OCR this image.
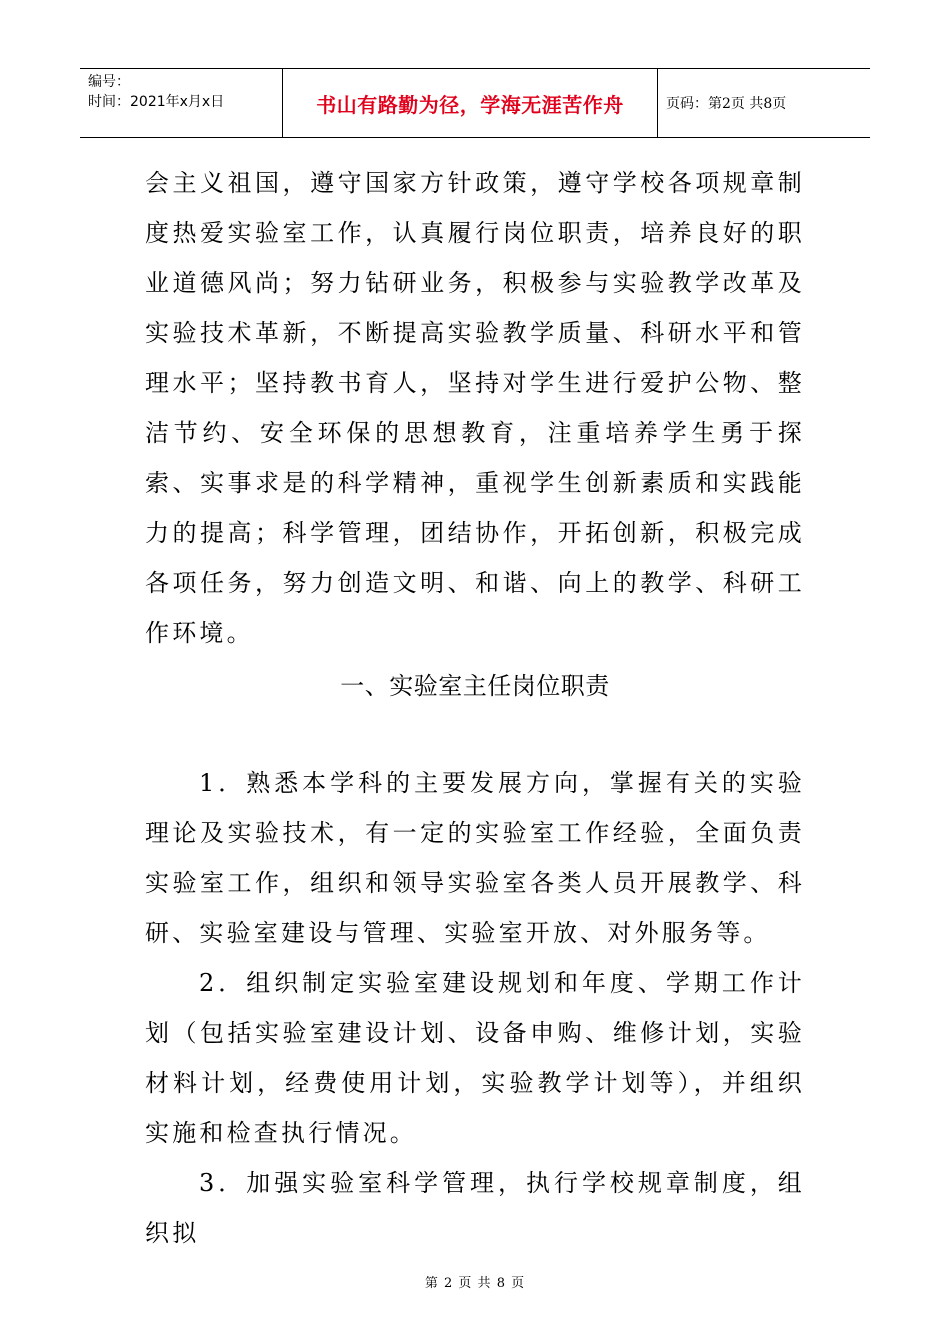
编号：
时间：2021年x月x日	书山有路勤为径，学海无涯苦作舟	页码：第2页 共8页

会主义祖国，遵守国家方针政策，遵守学校各项规章制度热爱实验室工作，认真履行岗位职责，培养良好的职业道德风尚；努力钻研业务，积极参与实验教学改革及实验技术革新，不断提高实验教学质量、科研水平和管理水平；坚持教书育人，坚持对学生进行爱护公物、整洁节约、安全环保的思想教育，注重培养学生勇于探索、实事求是的科学精神，重视学生创新素质和实践能力的提高；科学管理，团结协作，开拓创新，积极完成各项任务，努力创造文明、和谐、向上的教学、科研工作环境。

一、实验室主任岗位职责

1．熟悉本学科的主要发展方向，掌握有关的实验理论及实验技术，有一定的实验室工作经验，全面负责实验室工作，组织和领导实验室各类人员开展教学、科研、实验室建设与管理、实验室开放、对外服务等。

2．组织制定实验室建设规划和年度、学期工作计划（包括实验室建设计划、设备申购、维修计划，实验材料计划，经费使用计划，实验教学计划等），并组织实施和检查执行情况。

3．加强实验室科学管理，执行学校规章制度，组织拟

第 2 页 共 8 页
